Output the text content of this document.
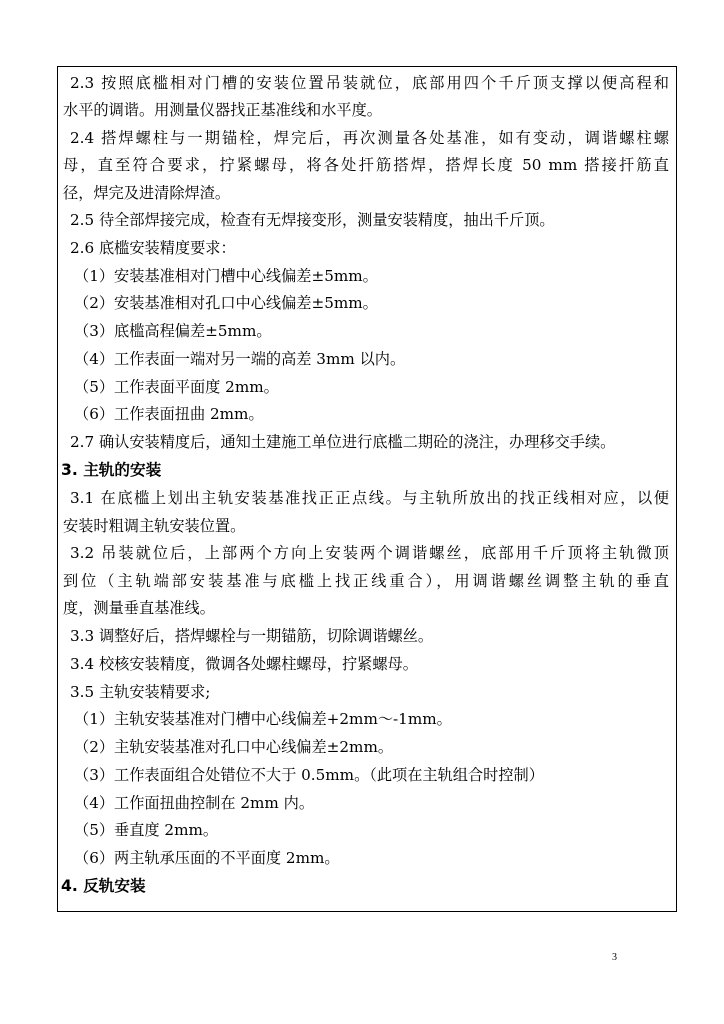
2.3 按照底槛相对门槽的安装位置吊装就位，底部用四个千斤顶支撑以便高程和
水平的调谐。用测量仪器找正基准线和水平度。
2.4 搭焊螺柱与一期锚栓，焊完后，再次测量各处基准，如有变动，调谐螺柱螺
母，直至符合要求，拧紧螺母，将各处扞筋搭焊，搭焊长度 50 mm 搭接扞筋直
径，焊完及进清除焊渣。
2.5 待全部焊接完成，检查有无焊接变形，测量安装精度，抽出千斤顶。
2.6 底槛安装精度要求：
（1）安装基准相对门槽中心线偏差±5mm。
（2）安装基准相对孔口中心线偏差±5mm。
（3）底槛高程偏差±5mm。
（4）工作表面一端对另一端的高差 3mm 以内。
（5）工作表面平面度 2mm。
（6）工作表面扭曲 2mm。
2.7 确认安装精度后，通知土建施工单位进行底槛二期砼的浇注，办理移交手续。
3. 主轨的安装
3.1 在底槛上划出主轨安装基准找正正点线。与主轨所放出的找正线相对应，以便
安装时粗调主轨安装位置。
3.2 吊装就位后，上部两个方向上安装两个调谐螺丝，底部用千斤顶将主轨微顶
到位（主轨端部安装基准与底槛上找正线重合），用调谐螺丝调整主轨的垂直
度，测量垂直基准线。
3.3 调整好后，搭焊螺栓与一期锚筋，切除调谐螺丝。
3.4 校核安装精度，微调各处螺柱螺母，拧紧螺母。
3.5 主轨安装精要求;
（1）主轨安装基准对门槽中心线偏差+2mm～-1mm。
（2）主轨安装基准对孔口中心线偏差±2mm。
（3）工作表面组合处错位不大于 0.5mm。（此项在主轨组合时控制）
（4）工作面扭曲控制在 2mm 内。
（5）垂直度 2mm。
（6）两主轨承压面的不平面度 2mm。
4. 反轨安装
3
